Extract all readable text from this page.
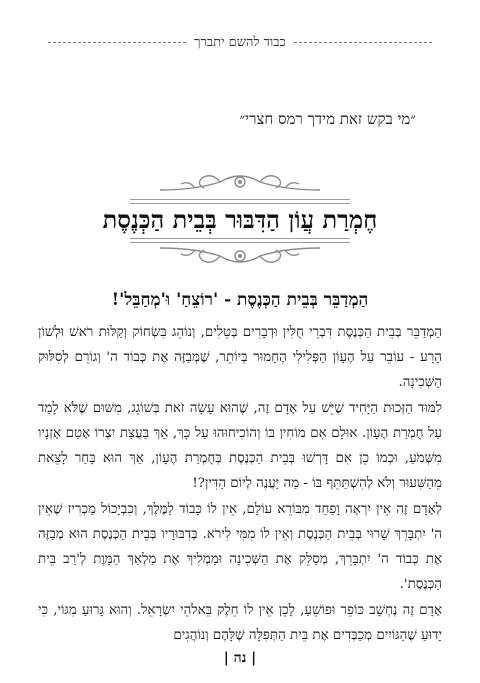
כבוד להשם יתברך
״מי בקש זאת מידך רמס חצרי״
חֶמְרַת עֲוֹן הַדִּבּוּר בְּבֵית הַכְּנֶסֶת
הַמְדַבֵּר בְּבֵית הַכְּנֶסֶת - 'רוֹצֵחַ' וּ'מְחַבֵּל'!

הַמְדַבֵּר בְּבֵית הַכְּנֶסֶת דִּבְרֵי חֻלִּין וּדְבָרִים בְּטֵלִים, וְנוֹהֵג בִּשְׂחוֹק וְקַלּוּת רֹאשׁ וּלְשׁוֹן הָרָע - עוֹבֵר עַל הֶעָוֹן הַפְּלִילִי הֶחָמוּר בְּיוֹתֵר, שֶׁמְּבַזֶּה אֶת כְּבוֹד ה' וְגוֹרֵם לְסִלּוּק הַשְּׁכִינָה.

לִמּוּד הַזְּכוּת הַיָּחִיד שֶׁיֵּשׁ עַל אָדָם זֶה, שֶׁהוּא עָשָׂה זֹאת בְּשׁוֹגֵג, מִשּׁוּם שֶׁלֹּא לָמַד עַל חֻמְרַת הֶעָוֹן. אוּלָם אִם מוֹחִין בּוֹ וְהוֹכִיחוּהוּ עַל כָּךְ, אַךְ בַּעֲצַת יִצְרוֹ אָטַם אָזְנָיו מִשְּׁמֹעַ, וּכְמוֹ כֵן אִם דָּרְשׁוּ בְּבֵית הַכְּנֶסֶת בְּחֻמְרַת הֶעָוֹן, אַךְ הוּא בָּחַר לָצֵאת מֵהַשִּׁעוּר וְלֹא לְהִשְׁתַּתֵּף בּוֹ - מַה יַּעֲנֶה לְיוֹם הַדִּין?!

לְאָדָם זֶה אֵין יִרְאָה וָפַחַד מִבּוֹרֵא עוֹלָם, אֵין לוֹ כָּבוֹד לַמֶּלֶךְ, וְכִבְיָכוֹל מַכְרִיז שֶׁאֵין ה' יִתְבָּרֵךְ שָׁרוּי בְּבֵית הַכְּנֶסֶת וְאֵין לוֹ מִמִּי לִירֹא. בְּדִבּוּרָיו בְּבֵית הַכְּנֶסֶת הוּא מְבַזֶּה אֶת כְּבוֹד ה' יִתְבָּרֵךְ, מְסַלֵּק אֶת הַשְּׁכִינָה וּמַמְלִיךְ אֶת מַלְאַךְ הַמָּוֶת לְ'רַב בֵּית הַכְּנֶסֶת'.

אָדָם זֶה נֶחְשָׁב כּוֹפֵר וּפוֹשֵׁעַ, לָכֵן אֵין לוֹ חֵלֶק בֵּאלֹהֵי יִשְׂרָאֵל. וְהוּא גָּרוּעַ מִגּוֹי, כִּי יָדוּעַ שֶׁהַגּוֹיִים מְכַבְּדִים אֶת בֵּית הַתְּפִלָּה שֶׁלָּהֶם וְנוֹהֲגִים

| נה |
